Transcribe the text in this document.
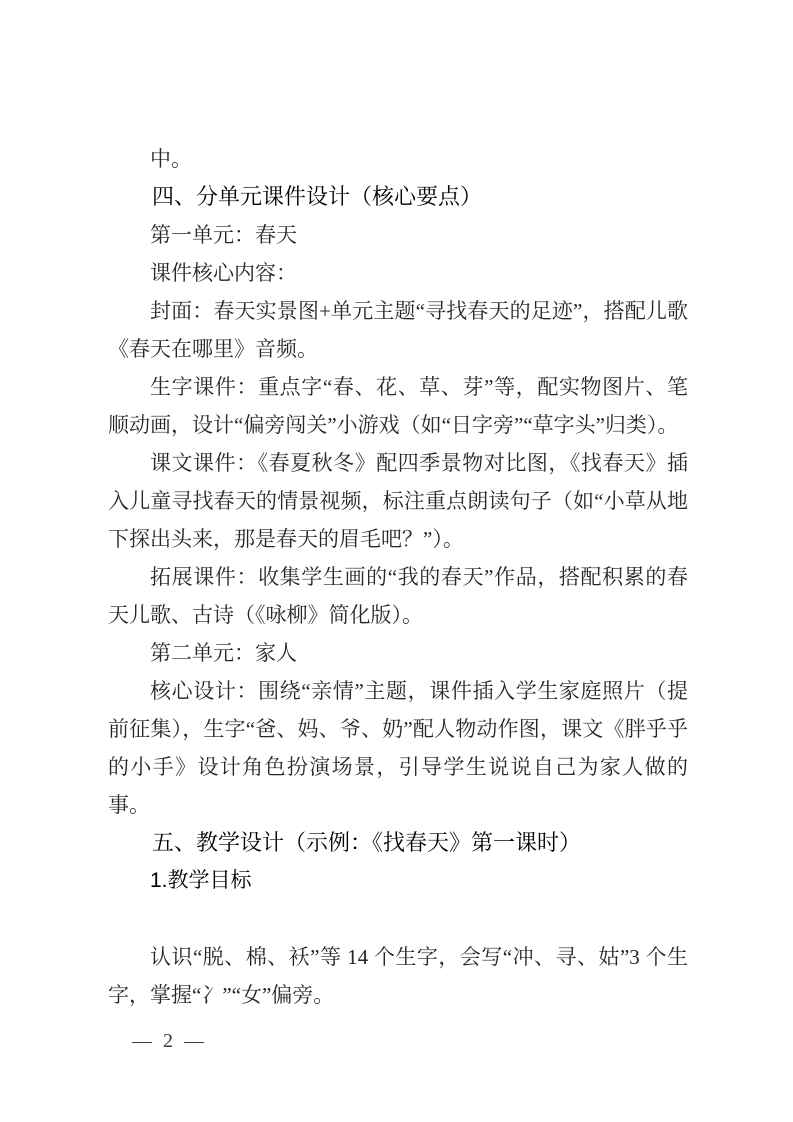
中。

四、分单元课件设计（核心要点）

第一单元：春天

课件核心内容：

封面：春天实景图+单元主题“寻找春天的足迹”，搭配儿歌《春天在哪里》音频。

生字课件：重点字“春、花、草、芽”等，配实物图片、笔顺动画，设计“偏旁闯关”小游戏（如“日字旁”“草字头”归类）。

课文课件：《春夏秋冬》配四季景物对比图，《找春天》插入儿童寻找春天的情景视频，标注重点朗读句子（如“小草从地下探出头来，那是春天的眉毛吧？”）。

拓展课件：收集学生画的“我的春天”作品，搭配积累的春天儿歌、古诗（《咏柳》简化版）。

第二单元：家人

核心设计：围绕“亲情”主题，课件插入学生家庭照片（提前征集），生字“爸、妈、爷、奶”配人物动作图，课文《胖乎乎的小手》设计角色扮演场景，引导学生说说自己为家人做的事。

五、教学设计（示例：《找春天》第一课时）
1.教学目标

认识“脱、棉、袄”等 14 个生字，会写“冲、寻、姑”3 个生字，掌握“冫”“女”偏旁。

— 2 —
